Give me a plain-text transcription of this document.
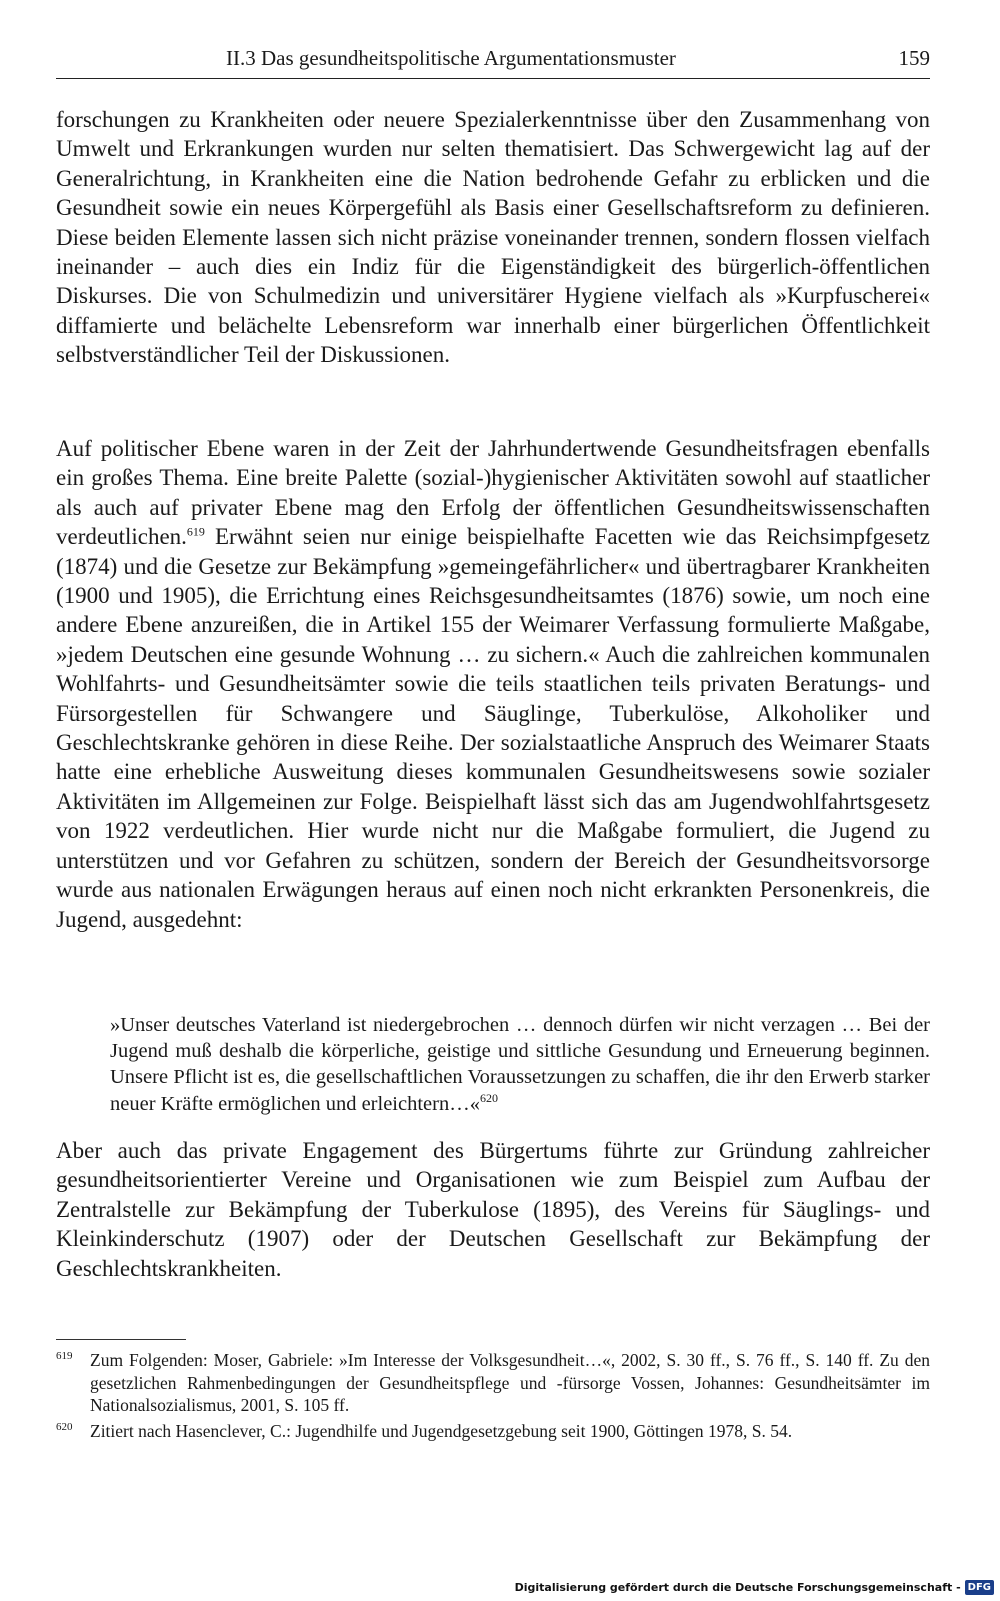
II.3 Das gesundheitspolitische Argumentationsmuster	159

forschungen zu Krankheiten oder neuere Spezialerkenntnisse über den Zusammenhang von Umwelt und Erkrankungen wurden nur selten thematisiert. Das Schwergewicht lag auf der Generalrichtung, in Krankheiten eine die Nation bedrohende Gefahr zu erblicken und die Gesundheit sowie ein neues Körpergefühl als Basis einer Gesellschaftsreform zu definieren. Diese beiden Elemente lassen sich nicht präzise voneinander trennen, sondern flossen vielfach ineinander – auch dies ein Indiz für die Eigenständigkeit des bürgerlich-öffentlichen Diskurses. Die von Schulmedizin und universitärer Hygiene vielfach als »Kurpfuscherei« diffamierte und belächelte Lebensreform war innerhalb einer bürgerlichen Öffentlichkeit selbstverständlicher Teil der Diskussionen.

Auf politischer Ebene waren in der Zeit der Jahrhundertwende Gesundheitsfragen ebenfalls ein großes Thema. Eine breite Palette (sozial-)hygienischer Aktivitäten sowohl auf staatlicher als auch auf privater Ebene mag den Erfolg der öffentlichen Gesundheitswissenschaften verdeutlichen.$^{619}$ Erwähnt seien nur einige beispielhafte Facetten wie das Reichsimpfgesetz (1874) und die Gesetze zur Bekämpfung »gemeingefährlicher« und übertragbarer Krankheiten (1900 und 1905), die Errichtung eines Reichsgesundheitsamtes (1876) sowie, um noch eine andere Ebene anzureißen, die in Artikel 155 der Weimarer Verfassung formulierte Maßgabe, »jedem Deutschen eine gesunde Wohnung … zu sichern.« Auch die zahlreichen kommunalen Wohlfahrts- und Gesundheitsämter sowie die teils staatlichen teils privaten Beratungs- und Fürsorgestellen für Schwangere und Säuglinge, Tuberkulöse, Alkoholiker und Geschlechtskranke gehören in diese Reihe. Der sozialstaatliche Anspruch des Weimarer Staats hatte eine erhebliche Ausweitung dieses kommunalen Gesundheitswesens sowie sozialer Aktivitäten im Allgemeinen zur Folge. Beispielhaft lässt sich das am Jugendwohlfahrtsgesetz von 1922 verdeutlichen. Hier wurde nicht nur die Maßgabe formuliert, die Jugend zu unterstützen und vor Gefahren zu schützen, sondern der Bereich der Gesundheitsvorsorge wurde aus nationalen Erwägungen heraus auf einen noch nicht erkrankten Personenkreis, die Jugend, ausgedehnt:

»Unser deutsches Vaterland ist niedergebrochen … dennoch dürfen wir nicht verzagen … Bei der Jugend muß deshalb die körperliche, geistige und sittliche Gesundung und Erneuerung beginnen. Unsere Pflicht ist es, die gesellschaftlichen Voraussetzungen zu schaffen, die ihr den Erwerb starker neuer Kräfte ermöglichen und erleichtern…«$^{620}$

Aber auch das private Engagement des Bürgertums führte zur Gründung zahlreicher gesundheitsorientierter Vereine und Organisationen wie zum Beispiel zum Aufbau der Zentralstelle zur Bekämpfung der Tuberkulose (1895), des Vereins für Säuglings- und Kleinkinderschutz (1907) oder der Deutschen Gesellschaft zur Bekämpfung der Geschlechtskrankheiten.

619	Zum Folgenden: Moser, Gabriele: »Im Interesse der Volksgesundheit…«, 2002, S. 30 ff., S. 76 ff., S. 140 ff. Zu den gesetzlichen Rahmenbedingungen der Gesundheitspflege und -fürsorge Vossen, Johannes: Gesundheitsämter im Nationalsozialismus, 2001, S. 105 ff.

620	Zitiert nach Hasenclever, C.: Jugendhilfe und Jugendgesetzgebung seit 1900, Göttingen 1978, S. 54.

Digitalisierung gefördert durch die Deutsche Forschungsgemeinschaft - DFG
